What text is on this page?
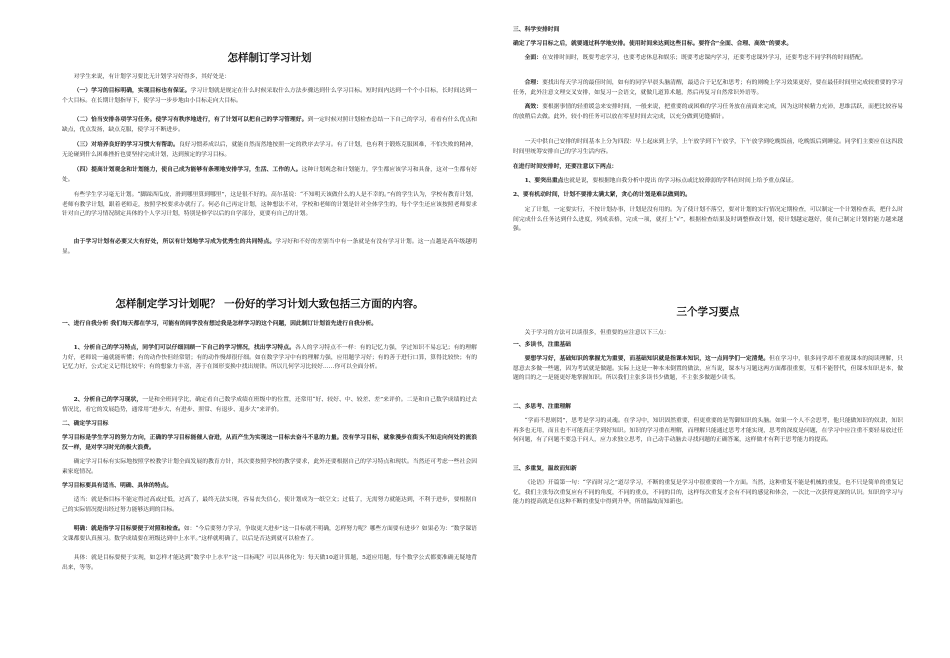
怎样制订学习计划

对学生来说，有计划学习要比无计划学习好得多，其好处是：

（一）学习的目标明确，实现目标也有保证。学习计划就是规定在什么时候采取什么方法步骤达到什么学习目标。短时间内达到一个个小目标，长时间达到一个大目标。在长期计划指导下，使学习一步步地由小目标走向大目标。

（二）恰当安排各项学习任务。使学习有秩序地进行，有了计划可以把自己的学习管理好。到一定时候对照计划检查总结一下自己的学习，看看有什么优点和缺点，优点发扬，缺点克服，使学习不断进步。

（三）对培养良好的学习习惯大有帮助。良好习惯养成以后，就能自然而然地按照一定的秩序去学习。有了计划，也有利于锻炼克服困难，不怕失败的精神，无论碰到什么困难挫折也要坚持完成计划，达到预定的学习目标。

（四）提高计划观念和计划能力，使自己成为能够有条理地安排学习，生活、工作的人。这种计划观念和计划能力，学生都应该学习和具备，这对一生都有好处。

有些学生学习毫无计划。“脚踩西瓜皮，滑到哪里算到哪里”，这是很不好的。高尔基说：“不知明天该做什么的人是不幸的。”有的学生认为，学校有教育计划，老师有教学计划，跟着老师走，按照学校要求办就行了。何必自己再定计划，这种想法不对，学校和老师的计划是针对全体学生的，每个学生还应该按照老师要求针对自己的学习情况制定具体的个人学习计划，特别是修学以后的自学部分，更要有自己的计划。

由于学习计划有必要又大有好处，所以有计划地学习成为优秀生的共同特点。学习好和不好的差别当中有一条就是有没有学习计划。这一点越是高年级越明显。

怎样制定学习计划呢？ 一份好的学习计划大致包括三方面的内容。

一、进行自我分析 我们每天都在学习，可能有的同学没有想过我是怎样学习的这个问题，因此制订计划首先进行自我分析。

1、分析自己的学习特点，同学们可以仔细回顾一下自己的学习情况，找出学习特点。各人的学习特点不一样：有的记忆力强，学过知识不易忘记；有的理解力好，老师说一遍就能听懂；有的动作快但经常错；有的动作慢却很仔细。如在数学学习中有的理解力强，应用题学习好；有的善于进行口算，算得比较快；有的记忆力好，公式定义记得比较牢；有的想象力丰富，善于在图形变换中找出规律。所以几何学习比较好……你可以全面分析。

2、分析自己的学习现状，一是和全班同学比，确定看自己数学成绩在班级中的位置，还常用“好、较好、中、较差、差”来评价。二是和自己数学成绩的过去情况比，看它的发展趋势，通常用“进步大、有进步、照常、有退步、退步大”来评价。

二、确定学习目标

学习目标是学生学习的努力方向，正确的学习目标能催人奋进，从而产生为实现这一目标去奋斗不息的力量。没有学习目标，就象漫步在街头不知走向何处的流浪汉一样，是对学习时光的极大浪费。

确定学习目标有实际地按照学校教学计划全面发展的教育方针，其次要按照学校的教学要求，此外还要根据自己的学习特点和现状。当然还可考虑一些社会因素家庭情况。

学习目标要具有适当、明确、具体的特点。

适当：就是指目标不能定得过高或过低，过高了，最终无法实现，容易丧失信心，使计划成为一纸空文；过低了，无需努力就能达到，不利于进步，要根据自己的实际情况提出经过努力能够达到的目标。

明确：就是指学习目标要便于对照和检查。如：“今后要努力学习，争取更大进步”这一目标就不明确，怎样努力呢？哪些方面要有进步？如果必为：“数学课语文课都要认真预习。数学成绩要在班级达到中上水平。”这样就明确了，以后是否达到就可以检查了。

具体：就是目标要便于实现，如怎样才能达到“数学中上水平”这一目标呢？可以具体化为：每天做10道计算题，5道应用题，每个数学公式都要准确无疑地背出来，等等。

三、科学安排时间

确定了学习目标之后，就要通过科学地安排。使用时间来达到这些目标。要符合“全面、合理、高效”的要求。

全面：在安排时间时，既要考虑学习，也要考虑休息和娱乐；既要考虑课内学习，还要考虑课外学习，还要考虑不同学科的时间搭配。

合理：要找出每天学习的最佳时间，如有的同学早晨头脑清醒，最适合于记忆和思考；有的则晚上学习效果更好，要在最佳时间里完成较重要的学习任务，此外注意文理交叉安排，如复习一会语文，就做几道算术题，然后再复习自然常识外语等。

高效：要根据事情的轻重缓急来安排时间，一般来说，把重要的或困难的学习任务放在前面来完成，因为这时候精力充沛，思维活跃，而把比较容易的放稍后去做。此外，较小的任务可以放在零星时间去完成，以充分做到见缝插针。

一天中供自己安排的时间基本上分为四段：早上起床到上学，上午放学到下午放学，下午放学到吃晚饭前，吃晚饭后到睡觉。同学们主要应在这四段时间里统筹安排自己的学习生活内容。

在进行时间安排时，还要注意以下两点：

1、要突出重点也就是说，要根据地自我分析中提出 的学习标点或比较薄弱的学科在时间上给予重点保证。

2、要有机动时间，计划不要排太满太紧，贪心的计划是难以做到的。

定了计划，一定要实行，不按计划办事，计划是没有用的。为了使计划不落空，要对计划的实行情况定期检查，可以制定一个计划检查表，把什么时间完成什么任务达到什么进度，列成表格，完成一项，就打上“√”，根据检查结果及时调整修改计划，使计划越定越好，使自己制定计划的能力越来越强。

三个学习要点

关于学习的方法可以谈很多，但重要的应注意以下三点：

一、多读书，注重基础

要想学习好，基础知识的掌握尤为重要，而基础知识就是指课本知识，这一点同学们一定清楚。但在学习中，很多同学却不重视课本的阅读理解，只愿意去多做一些题，因为考试就是做题。实际上这是一种本末倒置的做法，应当说，课本与习题这两方面都很重要，互相不能替代，但课本知识是本，做题的目的之一是能更好地掌握知识。所以我们主张多读书少做题，不主张多做题少读书。

二、多思考、注重理解

“学而不思则罔”，思考是学习的灵魂。在学习中，知识固然重要，但更重要的是驾御知识的头脑。如果一个人不会思考，他只能做知识的奴隶，知识再多也无用，而且也不可能真正学到好知识。知识的学习重在理解，而理解只能通过思考才能实现，思考的深度是问题，在学习中应注重不要轻易放过任何问题，有了问题不要急于问人，应力求独立思考，自己动手动脑去寻找问题的正确答案，这样做才有利于思考能力的提高。

三、多重复，温故而知新

《论语》开篇第一句：“学而时习之”道尽学习，不断的重复是学习中很重要的一个方面。当然，这种重复不能是机械的重复，也不只是简单的重复记忆，我们主张每次重复应有不同的角度，不同的重点，不同的目的，这样每次重复才会有不同的感觉和体会，一次比一次获得更深的认识。知识的学习与能力的提高就是在这种不断的重复中得到升华，所谓温故而知新也。
